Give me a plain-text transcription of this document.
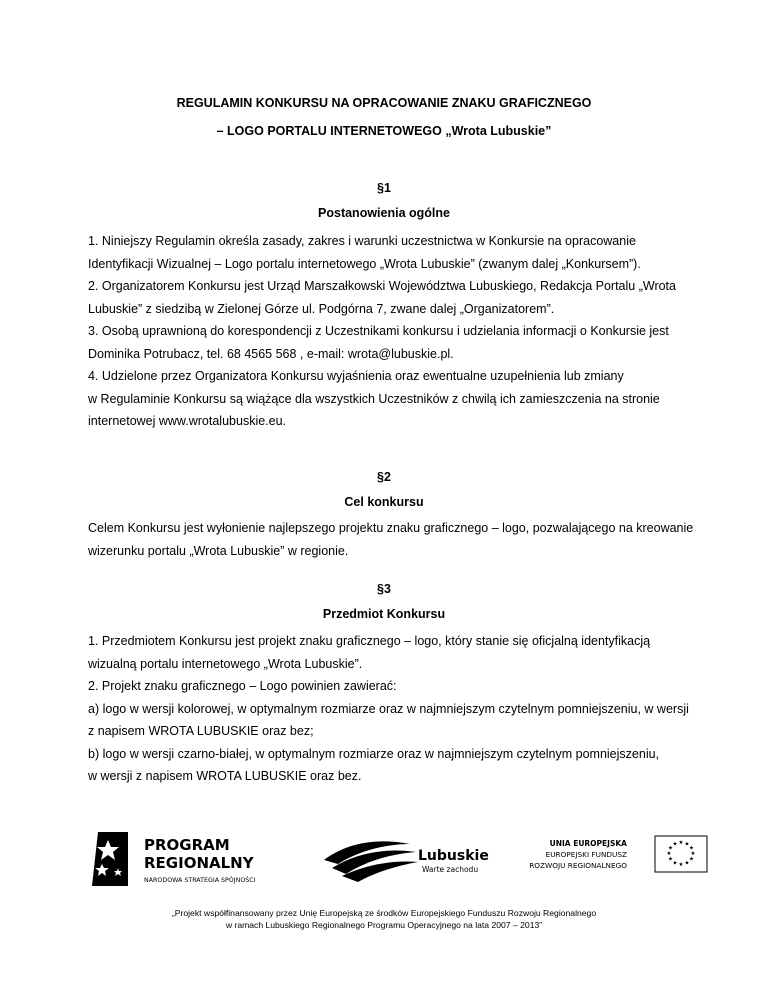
REGULAMIN KONKURSU NA OPRACOWANIE ZNAKU GRAFICZNEGO
– LOGO PORTALU INTERNETOWEGO „Wrota Lubuskie”
§1
Postanowienia ogólne
1. Niniejszy Regulamin określa zasady, zakres i warunki uczestnictwa w Konkursie na opracowanie
Identyfikacji Wizualnej – Logo portalu internetowego „Wrota Lubuskie” (zwanym dalej „Konkursem”).
2. Organizatorem Konkursu jest Urząd Marszałkowski Województwa Lubuskiego, Redakcja Portalu „Wrota
Lubuskie” z siedzibą w Zielonej Górze ul. Podgórna 7, zwane dalej „Organizatorem”.
3. Osobą uprawnioną do korespondencji z Uczestnikami konkursu i udzielania informacji o Konkursie jest
Dominika Potrubacz, tel. 68 4565 568 , e-mail: wrota@lubuskie.pl.
4. Udzielone przez Organizatora Konkursu wyjaśnienia oraz ewentualne uzupełnienia lub zmiany
w Regulaminie Konkursu są wiążące dla wszystkich Uczestników z chwilą ich zamieszczenia na stronie
internetowej www.wrotalubuskie.eu.
§2
Cel konkursu
Celem Konkursu jest wyłonienie najlepszego projektu znaku graficznego – logo, pozwalającego na kreowanie
wizerunku portalu „Wrota Lubuskie” w regionie.
§3
Przedmiot Konkursu
1. Przedmiotem Konkursu jest projekt znaku graficznego – logo, który stanie się oficjalną identyfikacją
wizualną portalu internetowego „Wrota Lubuskie”.
2. Projekt znaku graficznego – Logo powinien zawierać:
a) logo w wersji kolorowej, w optymalnym rozmiarze oraz w najmniejszym czytelnym pomniejszeniu, w wersji
z napisem WROTA LUBUSKIE oraz bez;
b) logo w wersji czarno-białej, w optymalnym rozmiarze oraz w najmniejszym czytelnym pomniejszeniu,
w wersji z napisem WROTA LUBUSKIE oraz bez.
PROGRAM
REGIONALNY
NARODOWA STRATEGIA SPÓJNOŚCI
Lubuskie
Warte zachodu
UNIA EUROPEJSKA
EUROPEJSKI FUNDUSZ
ROZWOJU REGIONALNEGO
★ ★
★
★
★
★
★
★
★
★
★
★
„Projekt współfinansowany przez Unię Europejską ze środków Europejskiego Funduszu Rozwoju Regionalnego
w ramach Lubuskiego Regionalnego Programu Operacyjnego na lata 2007 – 2013”
